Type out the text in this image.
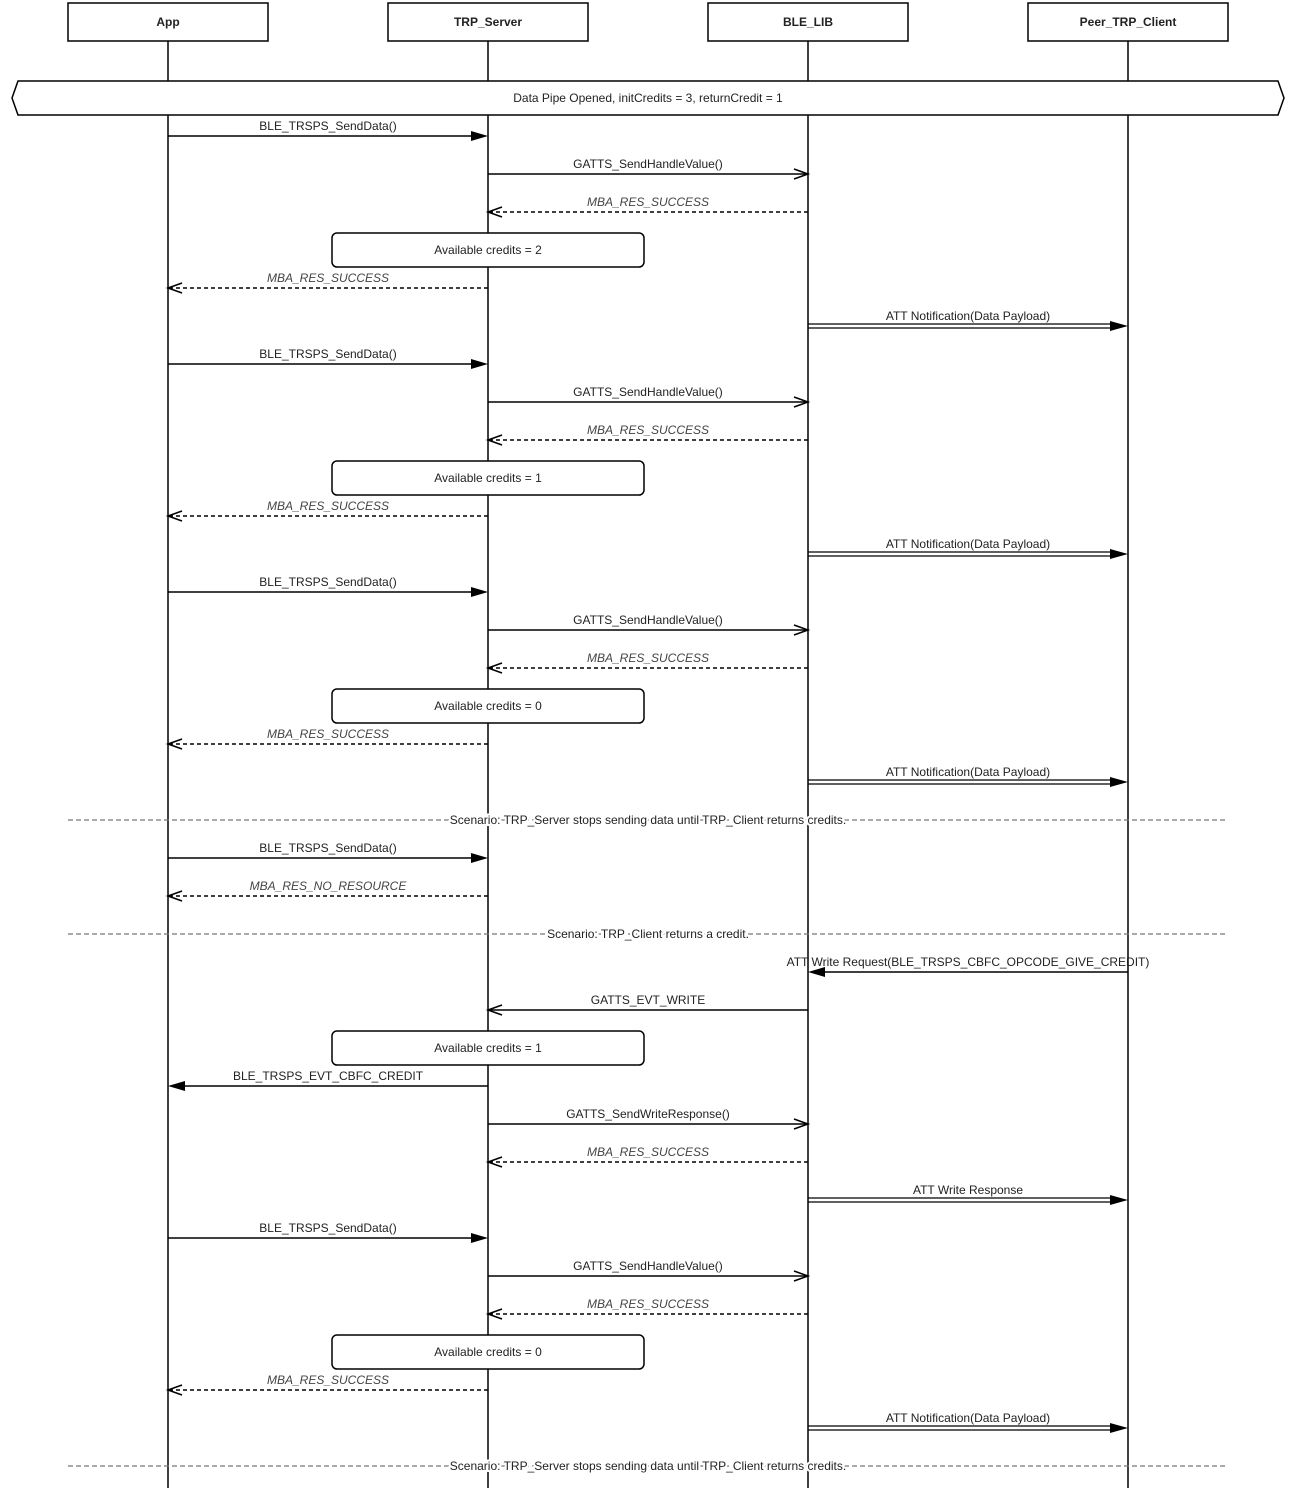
App	TRP_Server	BLE_LIB	Peer_TRP_Client
Data Pipe Opened, initCredits = 3, returnCredit = 1
BLE_TRSPS_SendData()
GATTS_SendHandleValue()
MBA_RES_SUCCESS
Available credits = 2
MBA_RES_SUCCESS
ATT Notification(Data Payload)
BLE_TRSPS_SendData()
GATTS_SendHandleValue()
MBA_RES_SUCCESS
Available credits = 1
MBA_RES_SUCCESS
ATT Notification(Data Payload)
BLE_TRSPS_SendData()
GATTS_SendHandleValue()
MBA_RES_SUCCESS
Available credits = 0
MBA_RES_SUCCESS
ATT Notification(Data Payload)
Scenario: TRP_Server stops sending data until TRP_Client returns credits.
BLE_TRSPS_SendData()
MBA_RES_NO_RESOURCE
Scenario: TRP_Client returns a credit.
ATT Write Request(BLE_TRSPS_CBFC_OPCODE_GIVE_CREDIT)
GATTS_EVT_WRITE
Available credits = 1
BLE_TRSPS_EVT_CBFC_CREDIT
GATTS_SendWriteResponse()
MBA_RES_SUCCESS
ATT Write Response
BLE_TRSPS_SendData()
GATTS_SendHandleValue()
MBA_RES_SUCCESS
Available credits = 0
MBA_RES_SUCCESS
ATT Notification(Data Payload)
Scenario: TRP_Server stops sending data until TRP_Client returns credits.
